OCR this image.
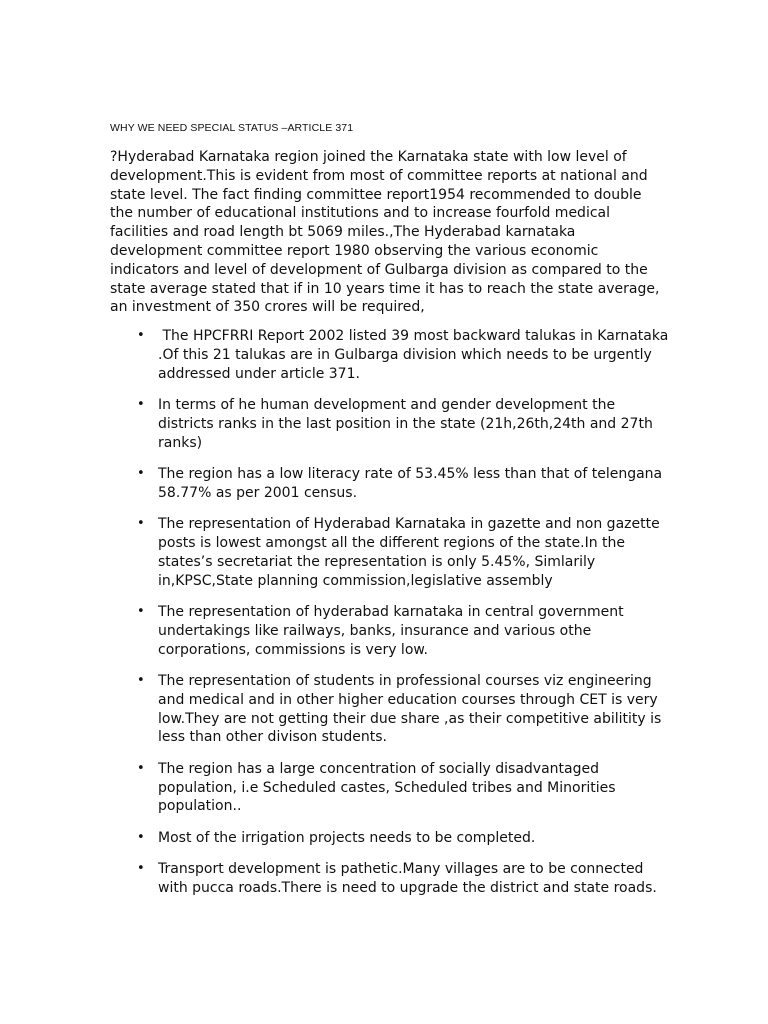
WHY WE NEED SPECIAL STATUS –ARTICLE 371

?Hyderabad Karnataka region joined the Karnataka state with low level of development.This is evident from most of committee reports at national and state level. The fact finding committee report1954 recommended to double the number of educational institutions and to increase fourfold medical facilities and road length bt 5069 miles.,The Hyderabad karnataka development committee report 1980 observing the various economic indicators and level of development of Gulbarga division as compared to the state average stated that if in 10 years time it has to reach the state average, an investment of 350 crores will be required,

• The HPCFRRI Report 2002 listed 39 most backward talukas in Karnataka .Of this 21 talukas are in Gulbarga division which needs to be urgently addressed under article 371.
• In terms of he human development and gender development the districts ranks in the last position in the state (21h,26th,24th and 27th ranks)
• The region has a low literacy rate of 53.45% less than that of telengana 58.77% as per 2001 census.
• The representation of Hyderabad Karnataka in gazette and non gazette posts is lowest amongst all the different regions of the state.In the states’s secretariat the representation is only 5.45%, Simlarily in,KPSC,State planning commission,legislative assembly
• The representation of hyderabad karnataka in central government undertakings like railways, banks, insurance and various othe corporations, commissions is very low.
• The representation of students in professional courses viz engineering and medical and in other higher education courses through CET is very low.They are not getting their due share ,as their competitive abilitity is less than other divison students.
• The region has a large concentration of socially disadvantaged population, i.e Scheduled castes, Scheduled tribes and Minorities population..
• Most of the irrigation projects needs to be completed.
• Transport development is pathetic.Many villages are to be connected with pucca roads.There is need to upgrade the district and state roads.
